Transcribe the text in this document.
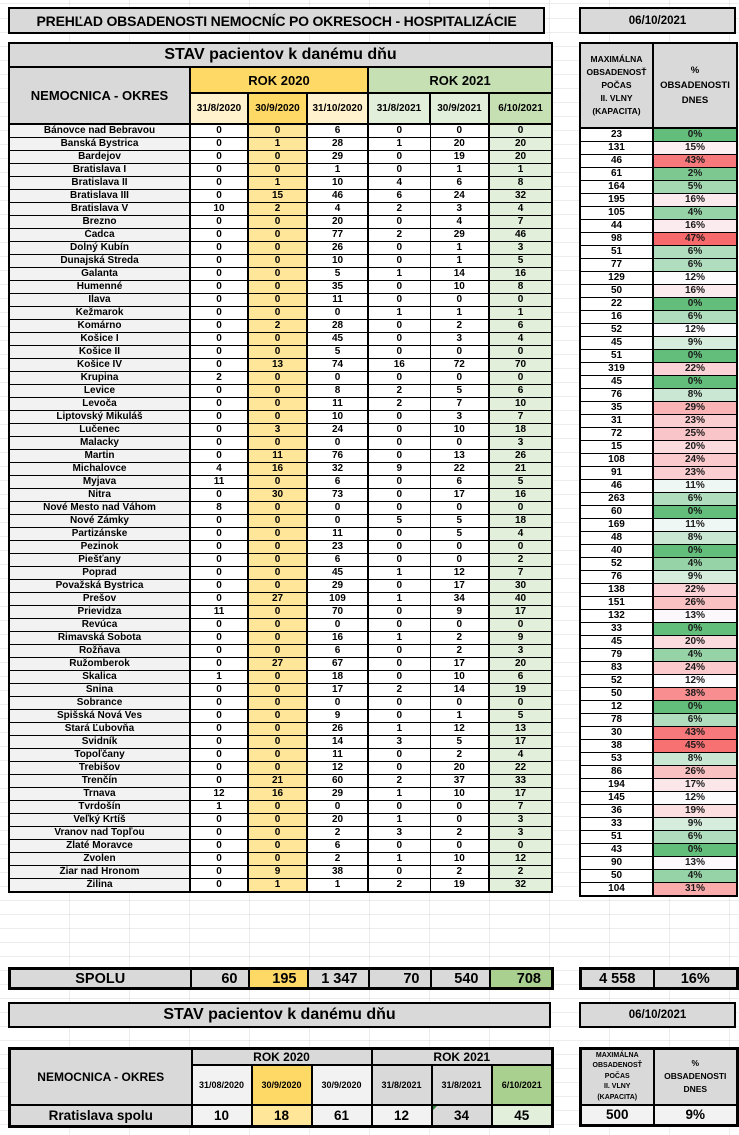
PREHĽAD OBSADENOSTI NEMOCNÍC PO OKRESOCH - HOSPITALIZÁCIE	06/10/2021
STAV pacientov k danému dňu						
NEMOCNICA - OKRES	ROK 2020			ROK 2021		
	31/8/2020	30/9/2020	31/10/2020	31/8/2021	30/9/2021	6/10/2021
Bánovce nad Bebravou	0	0	6	0	0	0
Banská Bystrica	0	1	28	1	20	20
Bardejov	0	0	29	0	19	20
Bratislava I	0	0	1	0	1	1
Bratislava II	0	1	10	4	6	8
Bratislava III	0	15	46	6	24	32
Bratislava V	10	2	4	2	3	4
Brezno	0	0	20	0	4	7
Čadca	0	0	77	2	29	46
Dolný Kubín	0	0	26	0	1	3
Dunajská Streda	0	0	10	0	1	5
Galanta	0	0	5	1	14	16
Humenné	0	0	35	0	10	8
Ilava	0	0	11	0	0	0
Kežmarok	0	0	0	1	1	1
Komárno	0	2	28	0	2	6
Košice I	0	0	45	0	3	4
Košice II	0	0	5	0	0	0
Košice IV	0	13	74	16	72	70
Krupina	2	0	0	0	0	0
Levice	0	0	8	2	5	6
Levoča	0	0	11	2	7	10
Liptovský Mikuláš	0	0	10	0	3	7
Lučenec	0	3	24	0	10	18
Malacky	0	0	0	0	0	3
Martin	0	11	76	0	13	26
Michalovce	4	16	32	9	22	21
Myjava	11	0	6	0	6	5
Nitra	0	30	73	0	17	16
Nové Mesto nad Váhom	8	0	0	0	0	0
Nové Zámky	0	0	0	5	5	18
Partizánske	0	0	11	0	5	4
Pezinok	0	0	23	0	0	0
Piešťany	0	0	6	0	0	2
Poprad	0	0	45	1	12	7
Považská Bystrica	0	0	29	0	17	30
Prešov	0	27	109	1	34	40
Prievidza	11	0	70	0	9	17
Revúca	0	0	0	0	0	0
Rimavská Sobota	0	0	16	1	2	9
Rožňava	0	0	6	0	2	3
Ružomberok	0	27	67	0	17	20
Skalica	1	0	18	0	10	6
Snina	0	0	17	2	14	19
Sobrance	0	0	0	0	0	0
Spišská Nová Ves	0	0	9	0	1	5
Stará Ľubovňa	0	0	26	1	12	13
Svidník	0	0	14	3	5	17
Topoľčany	0	0	11	0	2	4
Trebišov	0	0	12	0	20	22
Trenčín	0	21	60	2	37	33
Trnava	12	16	29	1	10	17
Tvrdošín	1	0	0	0	0	7
Veľký Krtíš	0	0	20	1	0	3
Vranov nad Topľou	0	0	2	3	2	3
Zlaté Moravce	0	0	6	0	0	0
Zvolen	0	0	2	1	10	12
Žiar nad Hronom	0	9	38	0	2	2
Žilina	0	1	1	2	19	32
MAXIMÁLNA
OBSADENOSŤ
POČAS
II. VLNY
(KAPACITA)	%
OBSADENOSTI
DNES
23	0%
131	15%
46	43%
61	2%
164	5%
195	16%
105	4%
44	16%
98	47%
51	6%
77	6%
129	12%
50	16%
22	0%
16	6%
52	12%
45	9%
51	0%
319	22%
45	0%
76	8%
35	29%
31	23%
72	25%
15	20%
108	24%
91	23%
46	11%
263	6%
60	0%
169	11%
48	8%
40	0%
52	4%
76	9%
138	22%
151	26%
132	13%
33	0%
45	20%
79	4%
83	24%
52	12%
50	38%
12	0%
78	6%
30	43%
38	45%
53	8%
86	26%
194	17%
145	12%
36	19%
33	9%
51	6%
43	0%
90	13%
50	4%
104	31%
SPOLU	60	195	1 347	70	540	708	4 558	16%
STAV pacientov k danému dňu	06/10/2021
NEMOCNICA - OKRES	ROK 2020			ROK 2021		
	31/08/2020	30/9/2020	30/9/2020	31/8/2021	31/8/2021	6/10/2021
Rratislava spolu	10	18	61	12	34	45
MAXIMÁLNA
OBSADENOSŤ
POČAS
II. VLNY
(KAPACITA)	%
OBSADENOSTI
DNES
500	9%
